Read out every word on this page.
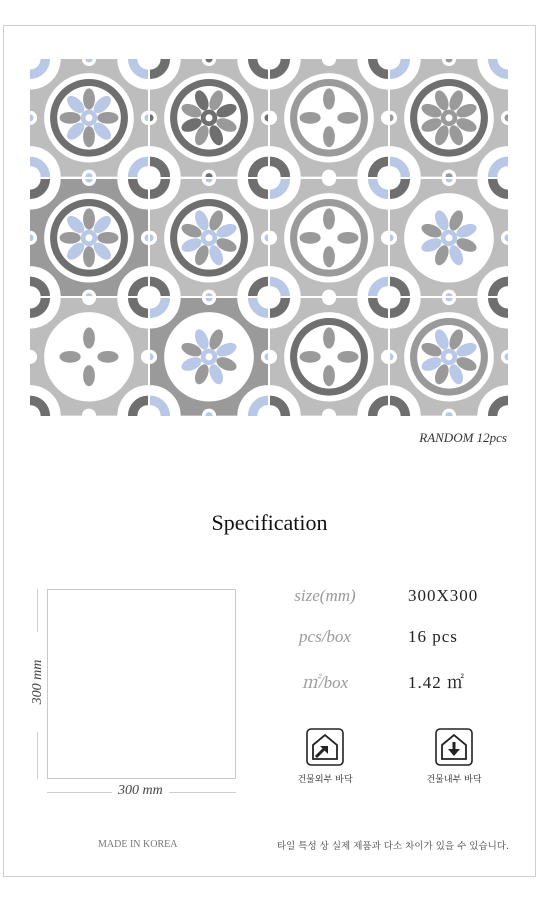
RANDOM 12pcs
Specification
300 mm
300 mm
size(mm)	300X300
pcs/box	16 pcs
㎡/box	1.42 ㎡
건물외부 바닥	건물내부 바닥
MADE IN KOREA	타일 특성 상 실제 제품과 다소 차이가 있을 수 있습니다.
